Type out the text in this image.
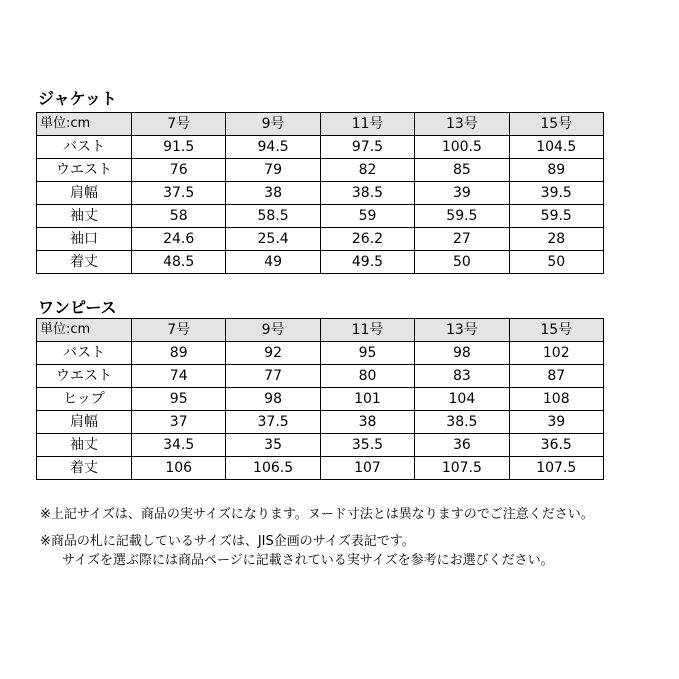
ジャケット
単位:cm	7号	9号	11号	13号	15号
バスト	91.5	94.5	97.5	100.5	104.5
ウエスト	76	79	82	85	89
肩幅	37.5	38	38.5	39	39.5
袖丈	58	58.5	59	59.5	59.5
袖口	24.6	25.4	26.2	27	28
着丈	48.5	49	49.5	50	50
ワンピース
単位:cm	7号	9号	11号	13号	15号
バスト	89	92	95	98	102
ウエスト	74	77	80	83	87
ヒップ	95	98	101	104	108
肩幅	37	37.5	38	38.5	39
袖丈	34.5	35	35.5	36	36.5
着丈	106	106.5	107	107.5	107.5
※上記サイズは、商品の実サイズになります。ヌード寸法とは異なりますのでご注意ください。
※商品の札に記載しているサイズは、JIS企画のサイズ表記です。
サイズを選ぶ際には商品ページに記載されている実サイズを参考にお選びください。
